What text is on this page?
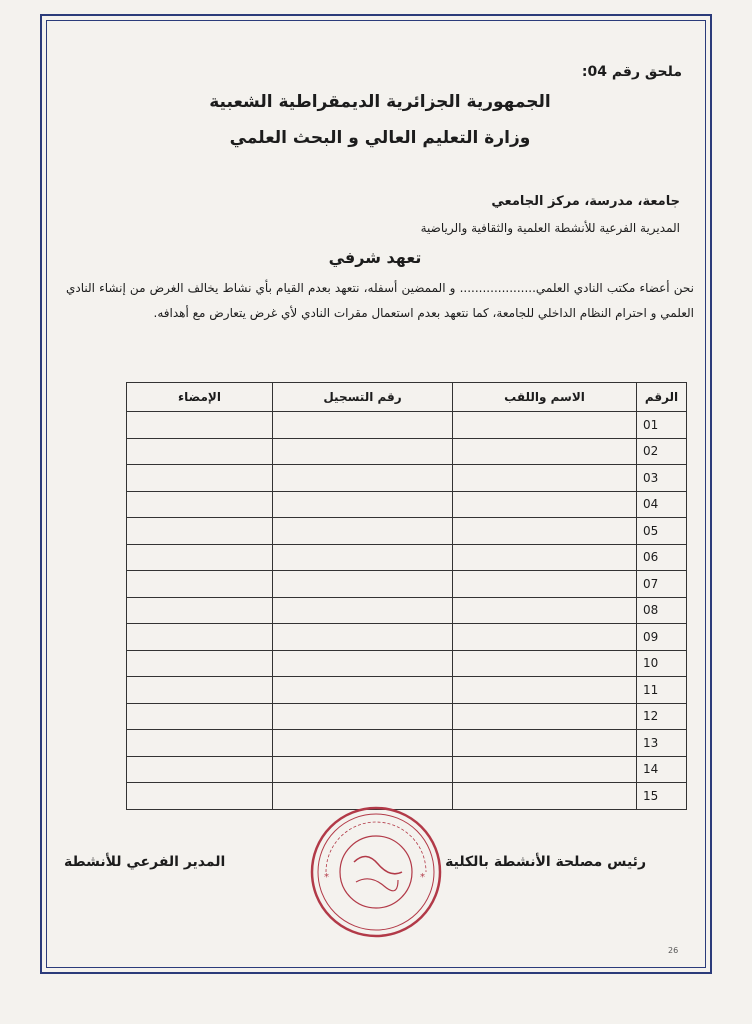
ملحق رقم 04:
الجمهورية الجزائرية الديمقراطية الشعبية
وزارة التعليم العالي و البحث العلمي
جامعة، مدرسة، مركز الجامعي
المديرية الفرعية للأنشطة العلمية والثقافية والرياضية
تعهد شرفي
نحن أعضاء مكتب النادي العلمي.................... و الممضين أسفله، نتعهد بعدم القيام بأي نشاط يخالف الغرض من إنشاء النادي العلمي و احترام النظام الداخلي للجامعة، كما نتعهد بعدم استعمال مقرات النادي لأي غرض يتعارض مع أهدافه.
الرقم	الاسم واللقب	رقم التسجيل	الإمضاء
01			
02			
03			
04			
05			
06			
07			
08			
09			
10			
11			
12			
13			
14			
15			
رئيس مصلحة الأنشطة بالكلية
المدير الفرعي للأنشطة
*	*
26
